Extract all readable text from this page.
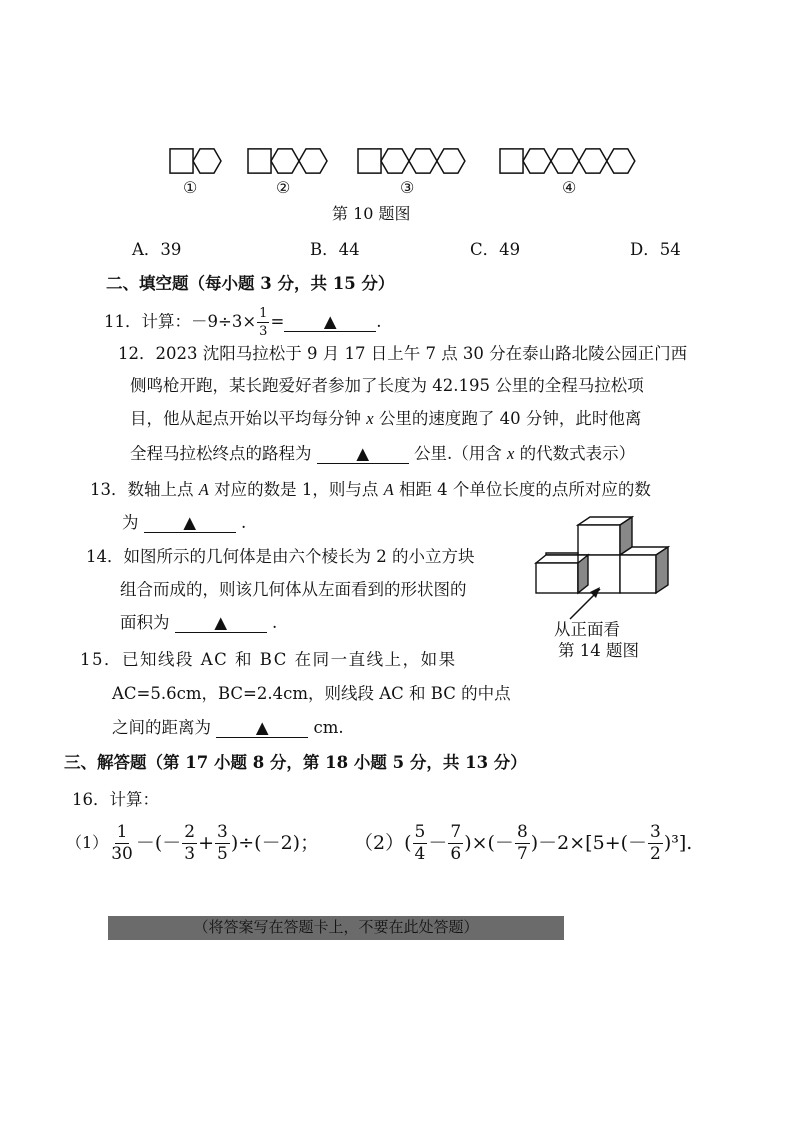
①	②	③	④
第 10 题图
A．39	B．44	C．49	D．54
二、填空题（每小题 3 分，共 15 分）
11．计算： $-9\div 3\times \frac{1}{3}$ =	▲	.
12．2023 沈阳马拉松于 9 月 17 日上午 7 点 30 分在泰山路北陵公园正门西
侧鸣枪开跑，某长跑爱好者参加了长度为 42.195 公里的全程马拉松项
目，他从起点开始以平均每分钟 x 公里的速度跑了 40 分钟，此时他离
全程马拉松终点的路程为	▲	公里.（用含 x 的代数式表示）
13．数轴上点 A 对应的数是 1，则与点 A 相距 4 个单位长度的点所对应的数
为	▲	.
14．如图所示的几何体是由六个棱长为 2 的小立方块
组合而成的，则该几何体从左面看到的形状图的
面积为	▲	.	从正面看
第 14 题图
15．已知线段 AC 和 BC 在同一直线上，如果
AC=5.6cm，BC=2.4cm，则线段 AC 和 BC 的中点
之间的距离为	▲	cm.
三、解答题（第 17 小题 8 分，第 18 小题 5 分，共 13 分）
16．计算：
$(1) \frac{1}{30}$ －(－ $\frac{2}{3} + \frac{3}{5} )\div(-2)$； $(2)( \frac{5}{4} - \frac{7}{6}$ )×(－ $\frac{8}{7} )-2\times[5+(- \frac{3}{2} )^3]$.
（将答案写在答题卡上，不要在此处答题）
